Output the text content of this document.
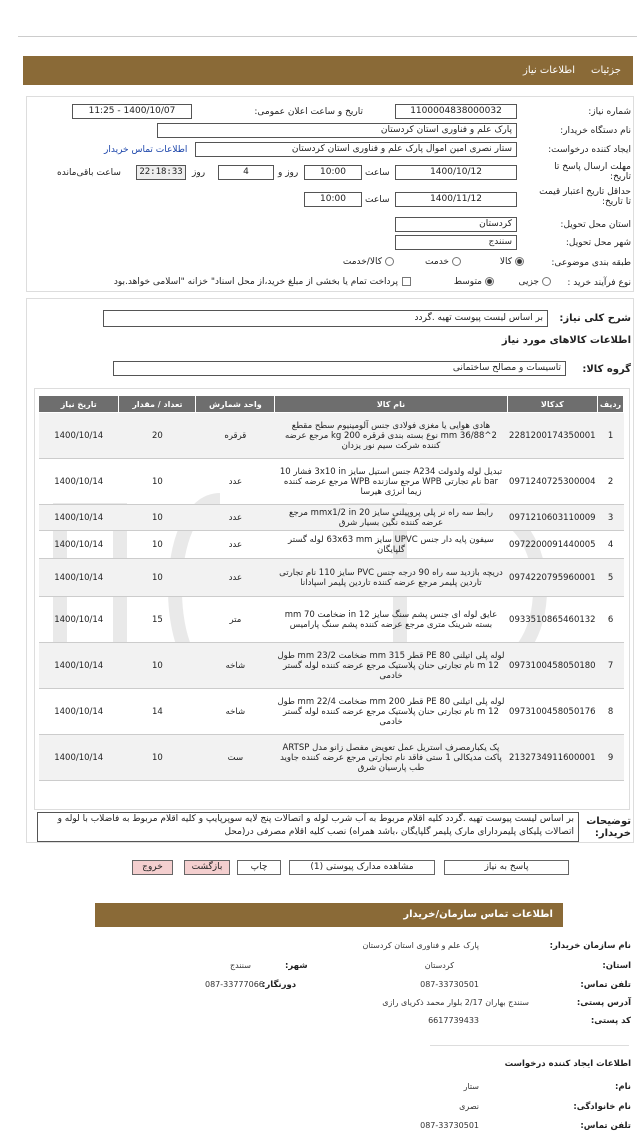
جزئیات
اطلاعات نیاز
شماره نیاز:
1100004838000032
تاریخ و ساعت اعلان عمومی:
1400/10/07 - 11:25
نام دستگاه خریدار:
پارک علم و فناوری استان کردستان
ایجاد کننده درخواست:
ستار نصری امین اموال پارک علم و فناوری استان کردستان
اطلاعات تماس خریدار
مهلت ارسال پاسخ تا تاریخ:
1400/10/12
ساعت
10:00
روز و
4
روز
22:18:33
ساعت باقی‌مانده
حداقل تاریخ اعتبار قیمت تا تاریخ:
1400/11/12
ساعت
10:00
استان محل تحویل:
کردستان
شهر محل تحویل:
سنندج
طبقه بندی موضوعی:
کالا
خدمت
کالا/خدمت
نوع فرآیند خرید :
جزیی
متوسط
پرداخت تمام یا بخشی از مبلغ خرید،از محل اسناد" خزانه "اسلامی خواهد.بود
شرح کلی نیاز:
بر اساس لیست پیوست تهیه .گردد
اطلاعات کالاهای مورد نیاز
گروه کالا:
تاسیسات و مصالح ساختمانی
ردیف	کدکالا	نام کالا	واحد شمارش	تعداد / مقدار	تاریخ نیاز
1	2281200174350001	هادی هوایی یا مغزی فولادی جنس آلومینیوم سطح مقطع 2^36/88 mm نوع بسته بندی قرقره 200 kg مرجع عرضه کننده شرکت سیم نور یزدان	قرقره	20	1400/10/14
2	0971240725300004	تبدیل لوله ولدولت A234 جنس استیل سایز 3x10 in فشار 10 bar نام تجارتی WPB مرجع سازنده WPB مرجع عرضه کننده زیما انرژی هیرسا	عدد	10	1400/10/14
3	0971210603110009	رابط سه راه نر پلی پروپیلنی سایز 20 mmx1/2 in مرجع عرضه کننده نگین بسیار شرق	عدد	10	1400/10/14
4	0972200091440005	سیفون پایه دار جنس UPVC سایز 63x63 mm لوله گستر گلپایگان	عدد	10	1400/10/14
5	0974220795960001	دریچه بازدید سه راه 90 درجه جنس PVC سایز 110 نام تجارتی تاردین پلیمر مرجع عرضه کننده تاردین پلیمر اسپادانا	عدد	10	1400/10/14
6	0933510865460132	عایق لوله ای جنس پشم سنگ سایز 12 in ضخامت 70 mm بسته شرینک متری مرجع عرضه کننده پشم سنگ پارامیس	متر	15	1400/10/14
7	0973100458050180	لوله پلی اتیلنی PE 80 قطر 315 mm ضخامت 23/2 mm طول 12 m نام تجارتی حنان پلاستیک مرجع عرضه کننده لوله گستر خادمی	شاخه	10	1400/10/14
8	0973100458050176	لوله پلی اتیلنی PE 80 قطر 200 mm ضخامت 22/4 mm طول 12 m نام تجارتی حنان پلاستیک مرجع عرضه کننده لوله گستر خادمی	شاخه	14	1400/10/14
9	2132734911600001	پک یکبارمصرف استریل عمل تعویض مفصل زانو مدل ARTSP پاکت مدیکالی 1 ستی فاقد نام تجارتی مرجع عرضه کننده جاوید طب پارسیان شرق	ست	10	1400/10/14
توضیحات خریدار:
بر اساس لیست پیوست تهیه .گردد کلیه اقلام مربوط به آب شرب لوله و اتصالات پنج لایه سوپرپایپ و کلیه اقلام مربوط به فاضلاب با لوله و اتصالات پلیکای پلیمردارای مارک پلیمر گلپایگان ،باشد همراه) نصب کلیه اقلام مصرفی در(محل
پاسخ به نیاز
مشاهده مدارک پیوستی (1)
چاپ
بازگشت
خروج
اطلاعات تماس سازمان/خریدار
نام سازمان خریدار:
پارک علم و فناوری استان کردستان
استان:
کردستان
شهر:
سنندج
تلفن تماس:
087-33730501
دورنگار:
087-33777066
آدرس پستی:
سنندج بهاران 2/17 بلوار محمد ذکریای رازی
کد پستی:
6617739433
اطلاعات ایجاد کننده درخواست
نام:
ستار
نام خانوادگی:
نصری
تلفن تماس:
087-33730501
